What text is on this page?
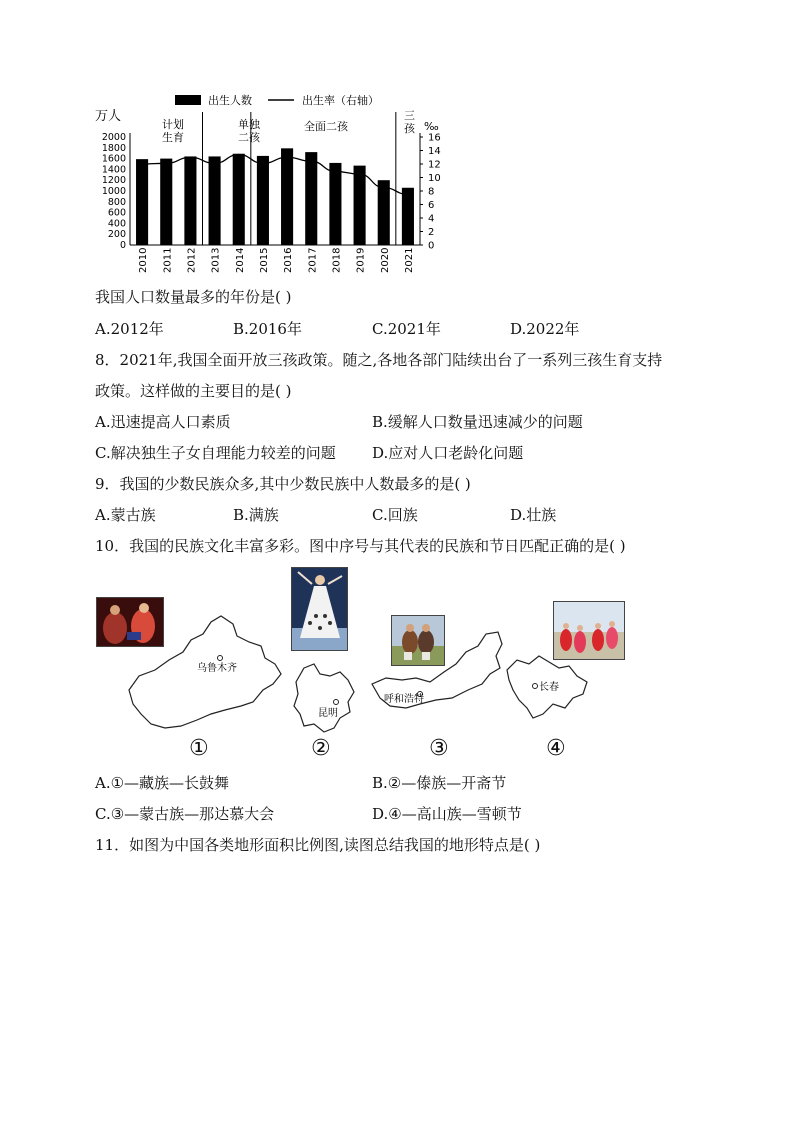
出生人数	出生率（右轴）
万人
‰
计划
生育
单独
二孩
全面二孩
三
孩
0
200
400
600
800
1000
1200
1400
1600
1800
2000
0
2
4
6
8
10
12
14
16
2010 2011 2012 2013 2014 2015 2016 2017 2018 2019 2020 2021
我国人口数量最多的年份是( )
A.2012年	B.2016年	C.2021年	D.2022年
8．2021年,我国全面开放三孩政策。随之,各地各部门陆续出台了一系列三孩生育支持
政策。这样做的主要目的是( )
A.迅速提高人口素质	B.缓解人口数量迅速减少的问题
C.解决独生子女自理能力较差的问题 D.应对人口老龄化问题
9．我国的少数民族众多,其中少数民族中人数最多的是( )
A.蒙古族	B.满族	C.回族	D.壮族
10．我国的民族文化丰富多彩。图中序号与其代表的民族和节日匹配正确的是( )
乌鲁木齐
昆明
呼和浩特
长春
①	②	③	④
A.①—藏族—长鼓舞	B.②—傣族—开斋节
C.③—蒙古族—那达慕大会	D.④—高山族—雪顿节
11．如图为中国各类地形面积比例图,读图总结我国的地形特点是( )
